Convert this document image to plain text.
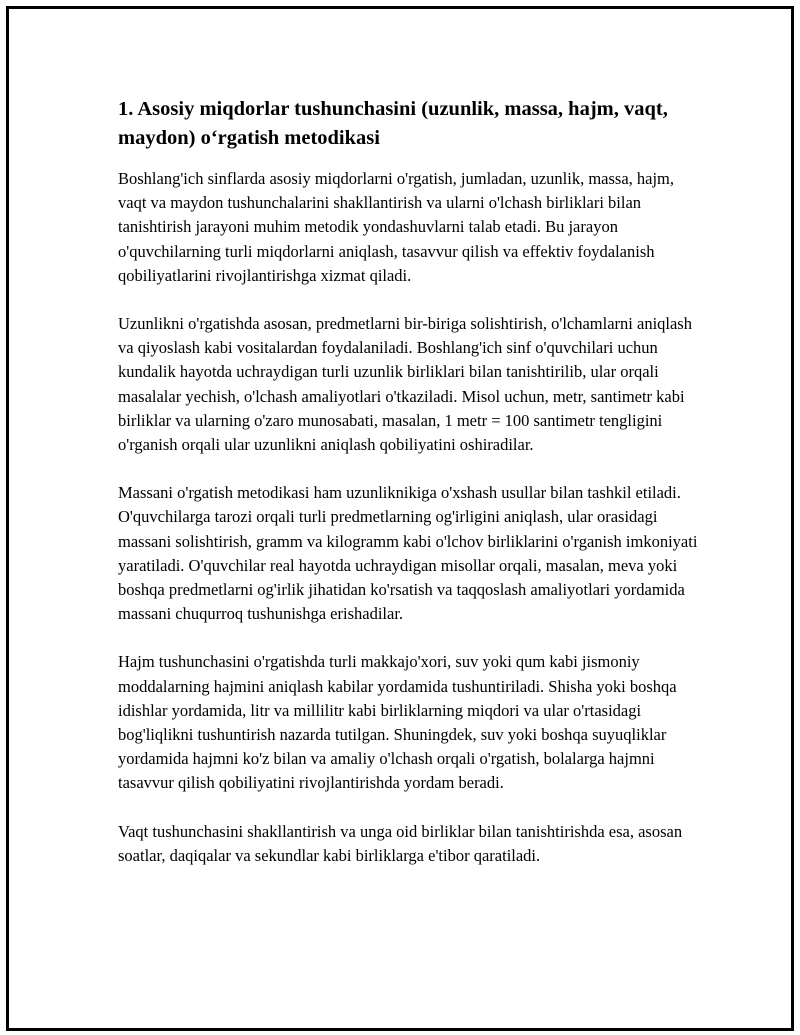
1. Asosiy miqdorlar tushunchasini (uzunlik, massa, hajm, vaqt, maydon) o‘rgatish metodikasi

Boshlang'ich sinflarda asosiy miqdorlarni o'rgatish, jumladan, uzunlik, massa, hajm, vaqt va maydon tushunchalarini shakllantirish va ularni o'lchash birliklari bilan tanishtirish jarayoni muhim metodik yondashuvlarni talab etadi. Bu jarayon o'quvchilarning turli miqdorlarni aniqlash, tasavvur qilish va effektiv foydalanish qobiliyatlarini rivojlantirishga xizmat qiladi.

Uzunlikni o'rgatishda asosan, predmetlarni bir-biriga solishtirish, o'lchamlarni aniqlash va qiyoslash kabi vositalardan foydalaniladi. Boshlang'ich sinf o'quvchilari uchun kundalik hayotda uchraydigan turli uzunlik birliklari bilan tanishtirilib, ular orqali masalalar yechish, o'lchash amaliyotlari o'tkaziladi. Misol uchun, metr, santimetr kabi birliklar va ularning o'zaro munosabati, masalan, 1 metr = 100 santimetr tengligini o'rganish orqali ular uzunlikni aniqlash qobiliyatini oshiradilar.

Massani o'rgatish metodikasi ham uzunliknikiga o'xshash usullar bilan tashkil etiladi. O'quvchilarga tarozi orqali turli predmetlarning og'irligini aniqlash, ular orasidagi massani solishtirish, gramm va kilogramm kabi o'lchov birliklarini o'rganish imkoniyati yaratiladi. O'quvchilar real hayotda uchraydigan misollar orqali, masalan, meva yoki boshqa predmetlarni og'irlik jihatidan ko'rsatish va taqqoslash amaliyotlari yordamida massani chuqurroq tushunishga erishadilar.

Hajm tushunchasini o'rgatishda turli makkajo'xori, suv yoki qum kabi jismoniy moddalarning hajmini aniqlash kabilar yordamida tushuntiriladi. Shisha yoki boshqa idishlar yordamida, litr va millilitr kabi birliklarning miqdori va ular o'rtasidagi bog'liqlikni tushuntirish nazarda tutilgan. Shuningdek, suv yoki boshqa suyuqliklar yordamida hajmni ko'z bilan va amaliy o'lchash orqali o'rgatish, bolalarga hajmni tasavvur qilish qobiliyatini rivojlantirishda yordam beradi.

Vaqt tushunchasini shakllantirish va unga oid birliklar bilan tanishtirishda esa, asosan soatlar, daqiqalar va sekundlar kabi birliklarga e'tibor qaratiladi.
